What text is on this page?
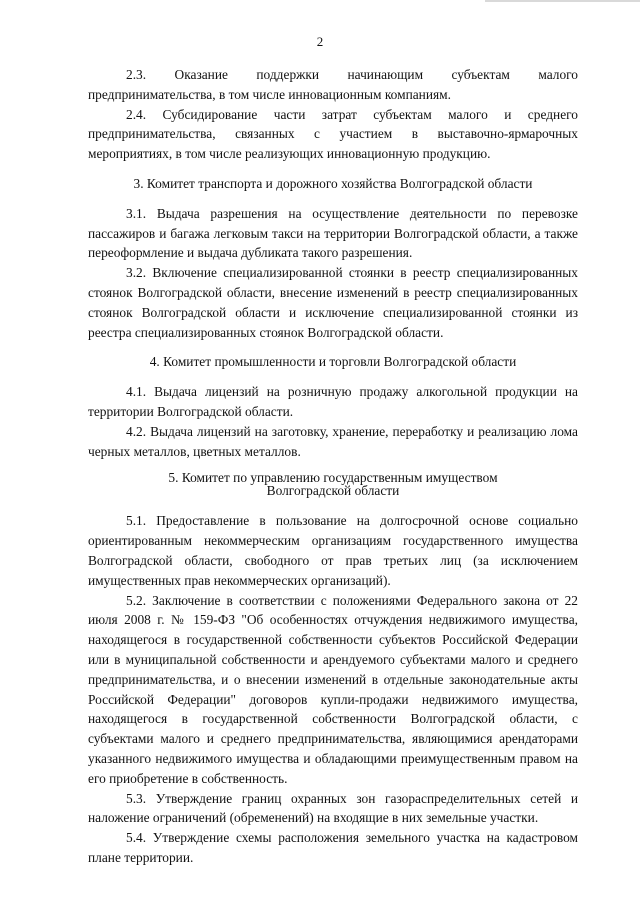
2

2.3. Оказание поддержки начинающим субъектам малого предпринимательства, в том числе инновационным компаниям.

2.4. Субсидирование части затрат субъектам малого и среднего предпринимательства, связанных с участием в выставочно-ярмарочных мероприятиях, в том числе реализующих инновационную продукцию.

3. Комитет транспорта и дорожного хозяйства Волгоградской области

3.1. Выдача разрешения на осуществление деятельности по перевозке пассажиров и багажа легковым такси на территории Волгоградской области, а также переоформление и выдача дубликата такого разрешения.

3.2. Включение специализированной стоянки в реестр специализированных стоянок Волгоградской области, внесение изменений в реестр специализированных стоянок Волгоградской области и исключение специализированной стоянки из реестра специализированных стоянок Волгоградской области.

4. Комитет промышленности и торговли Волгоградской области

4.1. Выдача лицензий на розничную продажу алкогольной продукции на территории Волгоградской области.

4.2. Выдача лицензий на заготовку, хранение, переработку и реализацию лома черных металлов, цветных металлов.

5. Комитет по управлению государственным имуществом
Волгоградской области

5.1. Предоставление в пользование на долгосрочной основе социально ориентированным некоммерческим организациям государственного имущества Волгоградской области, свободного от прав третьих лиц (за исключением имущественных прав некоммерческих организаций).

5.2. Заключение в соответствии с положениями Федерального закона от 22 июля 2008 г. № 159-ФЗ "Об особенностях отчуждения недвижимого имущества, находящегося в государственной собственности субъектов Российской Федерации или в муниципальной собственности и арендуемого субъектами малого и среднего предпринимательства, и о внесении изменений в отдельные законодательные акты Российской Федерации" договоров купли-продажи недвижимого имущества, находящегося в государственной собственности Волгоградской области, с субъектами малого и среднего предпринимательства, являющимися арендаторами указанного недвижимого имущества и обладающими преимущественным правом на его приобретение в собственность.

5.3. Утверждение границ охранных зон газораспределительных сетей и наложение ограничений (обременений) на входящие в них земельные участки.

5.4. Утверждение схемы расположения земельного участка на кадастровом плане территории.
